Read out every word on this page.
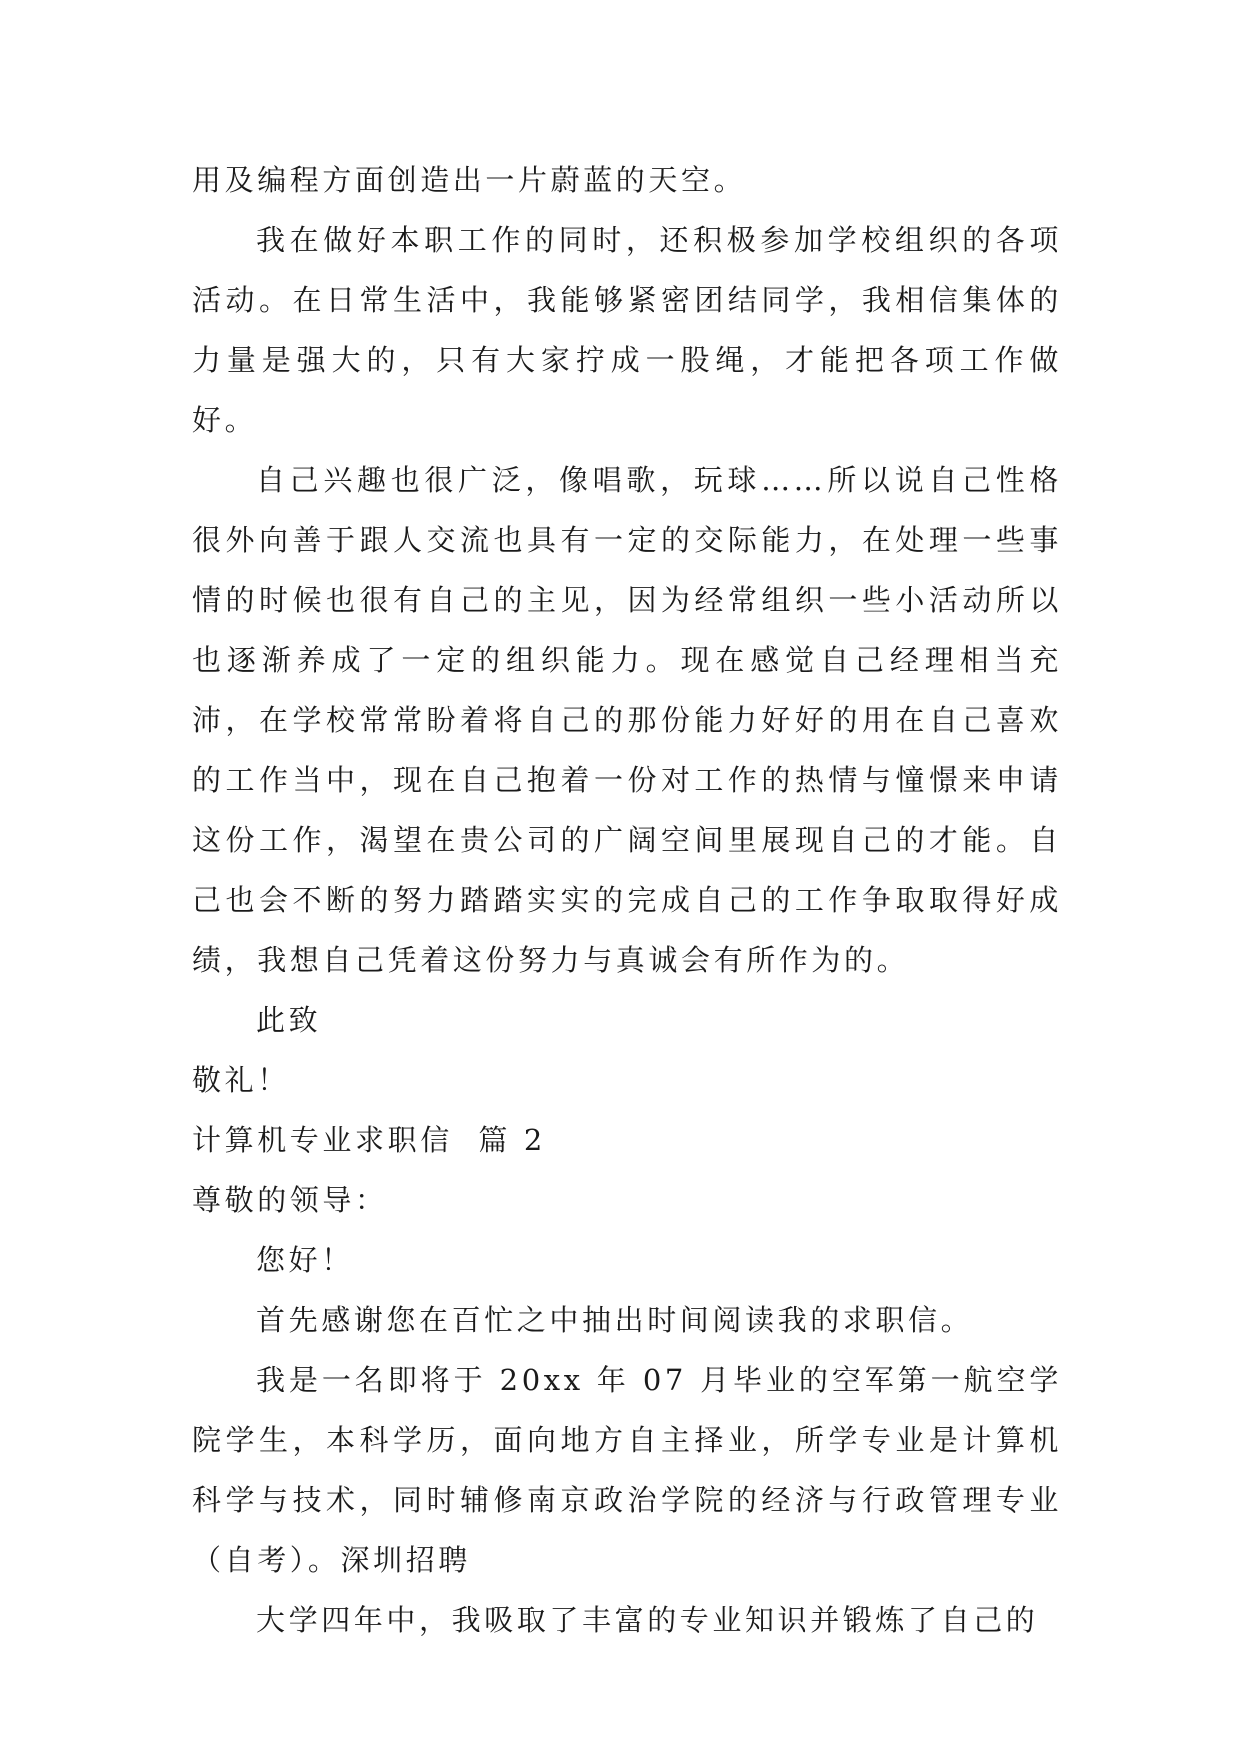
用及编程方面创造出一片蔚蓝的天空。

我在做好本职工作的同时，还积极参加学校组织的各项活动。在日常生活中，我能够紧密团结同学，我相信集体的力量是强大的，只有大家拧成一股绳，才能把各项工作做好。

自己兴趣也很广泛，像唱歌，玩球……所以说自己性格很外向善于跟人交流也具有一定的交际能力，在处理一些事情的时候也很有自己的主见，因为经常组织一些小活动所以也逐渐养成了一定的组织能力。现在感觉自己经理相当充沛，在学校常常盼着将自己的那份能力好好的用在自己喜欢的工作当中，现在自己抱着一份对工作的热情与憧憬来申请这份工作，渴望在贵公司的广阔空间里展现自己的才能。自己也会不断的努力踏踏实实的完成自己的工作争取取得好成绩，我想自己凭着这份努力与真诚会有所作为的。

此致

敬礼！

计算机专业求职信  篇 2

尊敬的领导：

您好！

首先感谢您在百忙之中抽出时间阅读我的求职信。

我是一名即将于 20xx 年 07 月毕业的空军第一航空学院学生，本科学历，面向地方自主择业，所学专业是计算机科学与技术，同时辅修南京政治学院的经济与行政管理专业（自考）。深圳招聘

大学四年中，我吸取了丰富的专业知识并锻炼了自己的
